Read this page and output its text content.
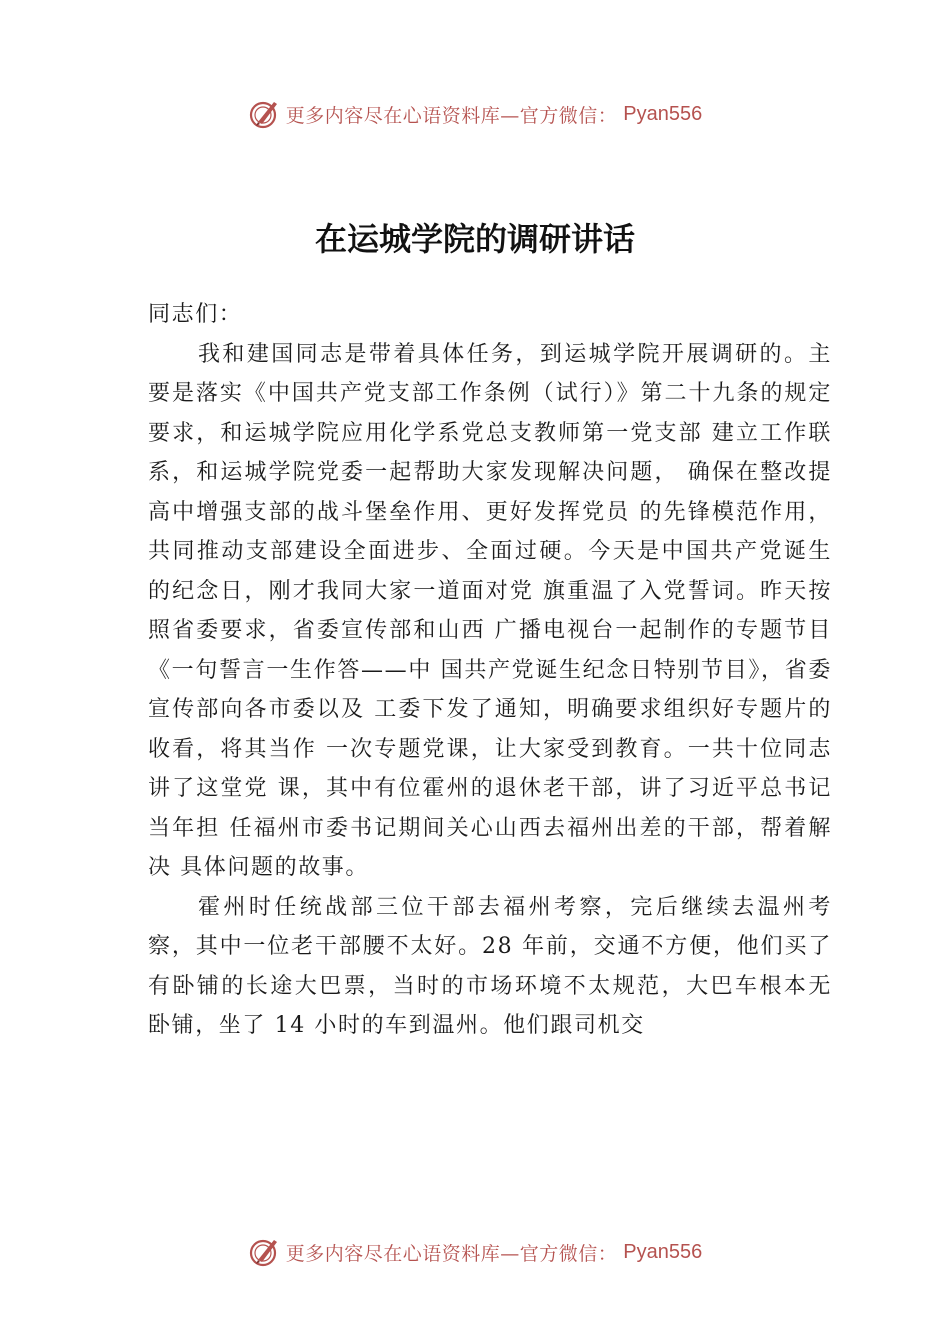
更多内容尽在心语资料库—官方微信： Pyan556
在运城学院的调研讲话

同志们：

我和建国同志是带着具体任务，到运城学院开展调研的。主要是落实《中国共产党支部工作条例（试行）》第二十九条的规定要求，和运城学院应用化学系党总支教师第一党支部 建立工作联系，和运城学院党委一起帮助大家发现解决问题， 确保在整改提高中增强支部的战斗堡垒作用、更好发挥党员 的先锋模范作用，共同推动支部建设全面进步、全面过硬。今天是中国共产党诞生的纪念日，刚才我同大家一道面对党 旗重温了入党誓词。昨天按照省委要求，省委宣传部和山西 广播电视台一起制作的专题节目《一句誓言一生作答——中 国共产党诞生纪念日特别节目》，省委宣传部向各市委以及 工委下发了通知，明确要求组织好专题片的收看，将其当作 一次专题党课，让大家受到教育。一共十位同志讲了这堂党 课，其中有位霍州的退休老干部，讲了习近平总书记当年担 任福州市委书记期间关心山西去福州出差的干部，帮着解决 具体问题的故事。

霍州时任统战部三位干部去福州考察，完后继续去温州考察，其中一位老干部腰不太好。28 年前，交通不方便，他们买了有卧铺的长途大巴票，当时的市场环境不太规范，大巴车根本无卧铺，坐了 14 小时的车到温州。他们跟司机交

更多内容尽在心语资料库—官方微信： Pyan556
